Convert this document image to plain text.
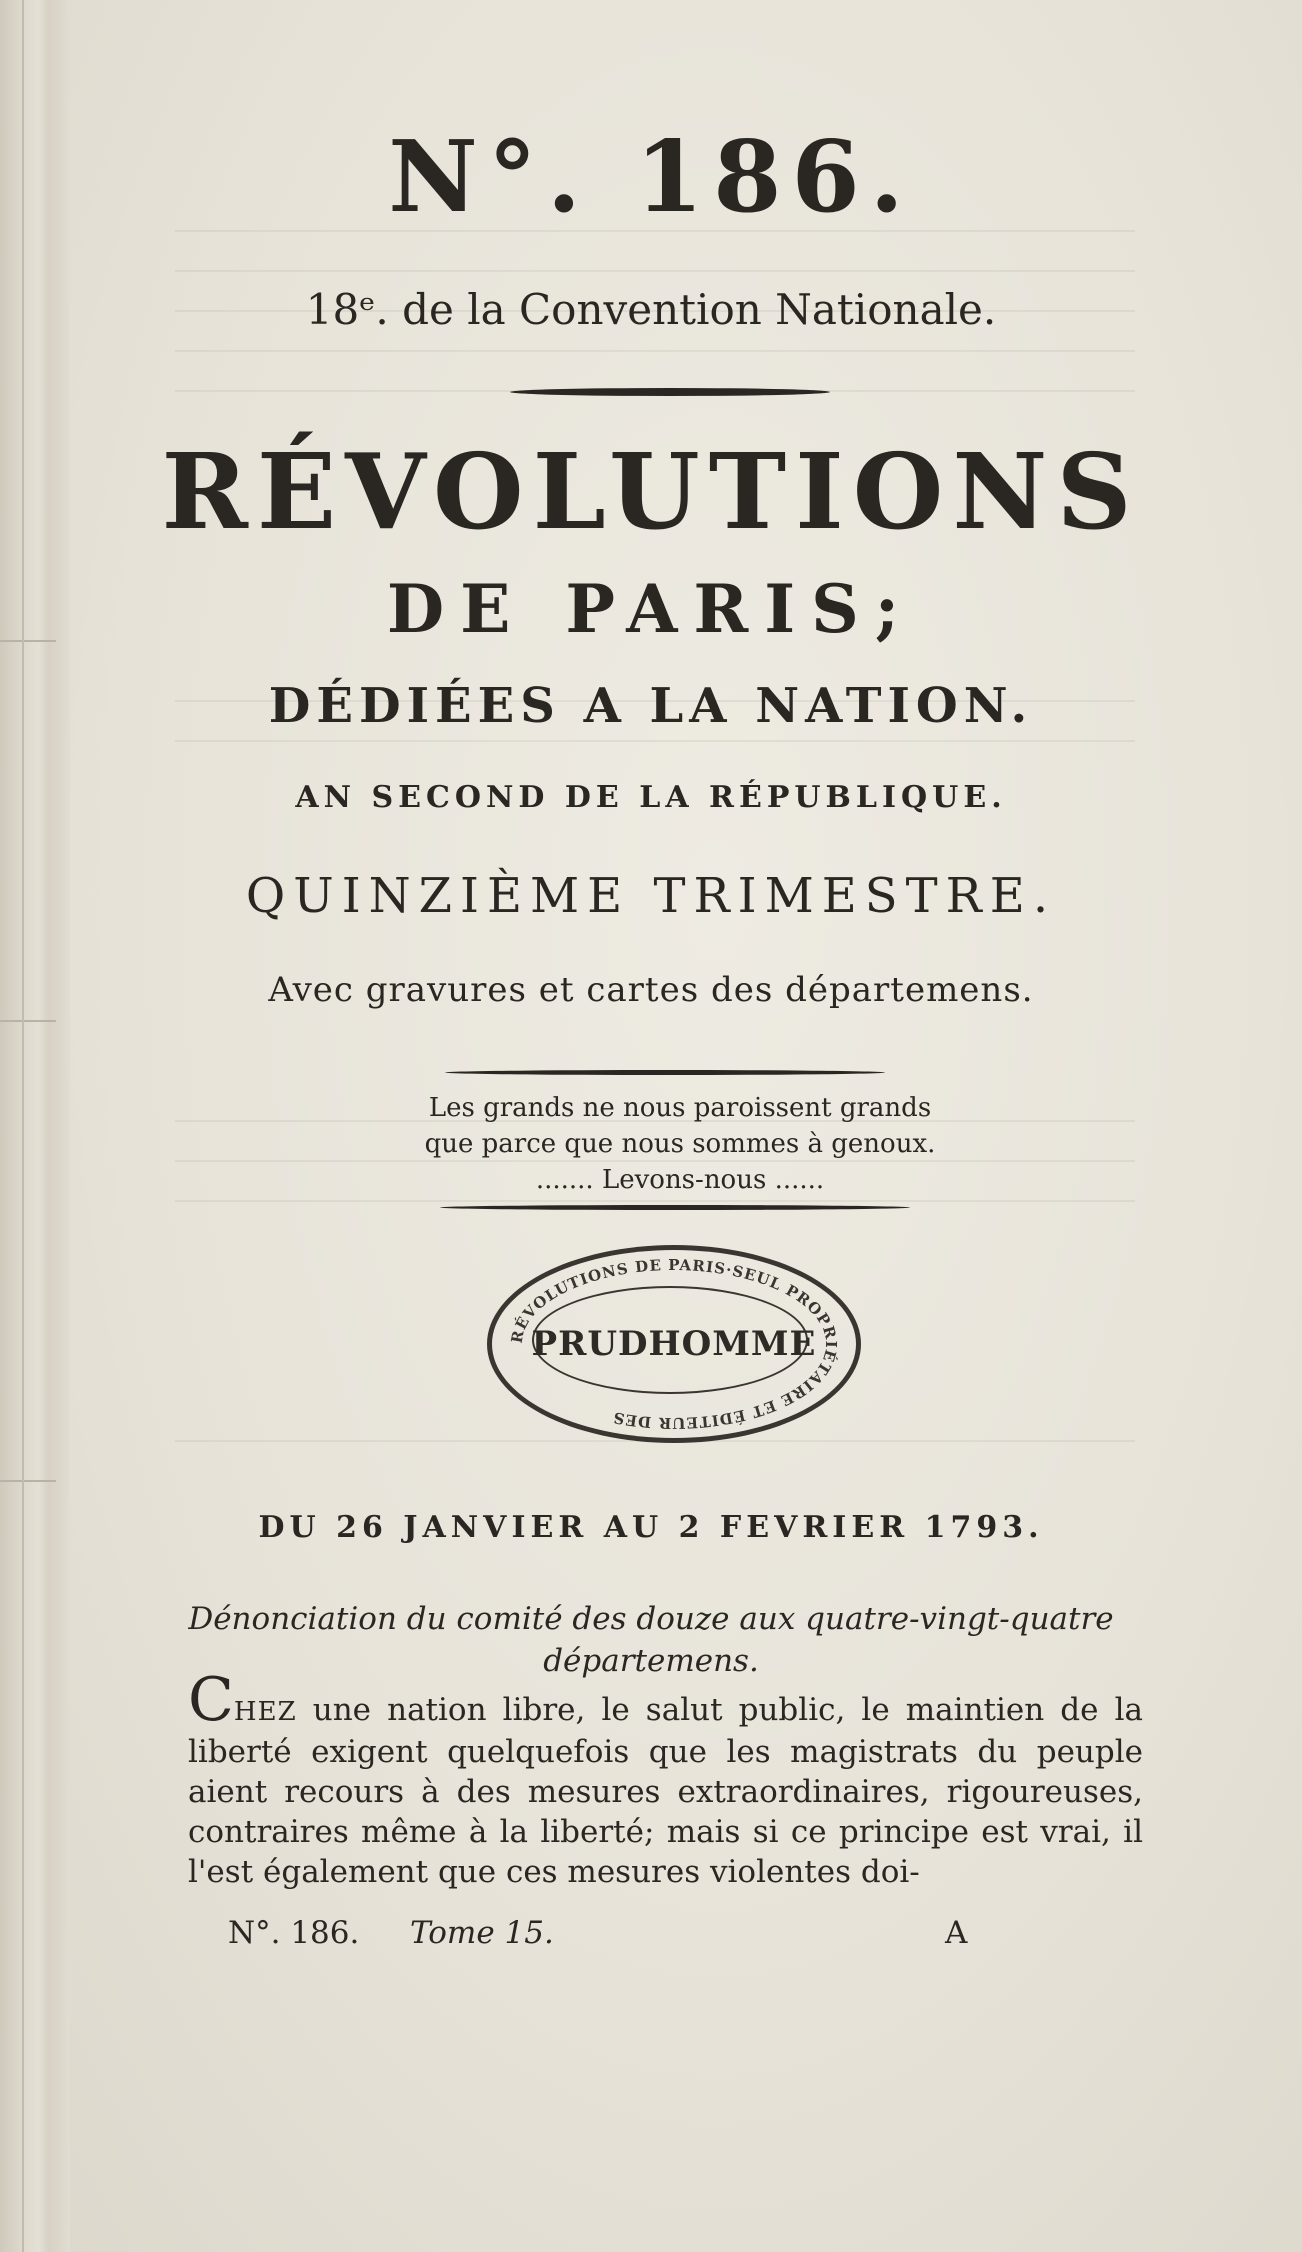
N°. 186.
18ᵉ. de la Convention Nationale.
RÉVOLUTIONS
DE PARIS;
DÉDIÉES A LA NATION.
AN SECOND DE LA RÉPUBLIQUE.
QUINZIÈME TRIMESTRE.
Avec gravures et cartes des départemens.
Les grands ne nous paroissent grands
que parce que nous sommes à genoux.
....... Levons-nous ......
RÉVOLUTIONS DE PARIS·SEUL PROPRIÉTAIRE ET ÉDITEUR DES
PRUDHOMME
DU 26 JANVIER AU 2 FEVRIER 1793.
Dénonciation du comité des douze aux quatre-vingt-quatre
départemens.
CHEZ une nation libre, le salut public, le maintien de la liberté exigent quelquefois que les magistrats du peuple aient recours à des mesures extraordinaires, rigoureuses, contraires même à la liberté; mais si ce principe est vrai, il l'est également que ces mesures violentes doi-
N°. 186. Tome 15.	A
